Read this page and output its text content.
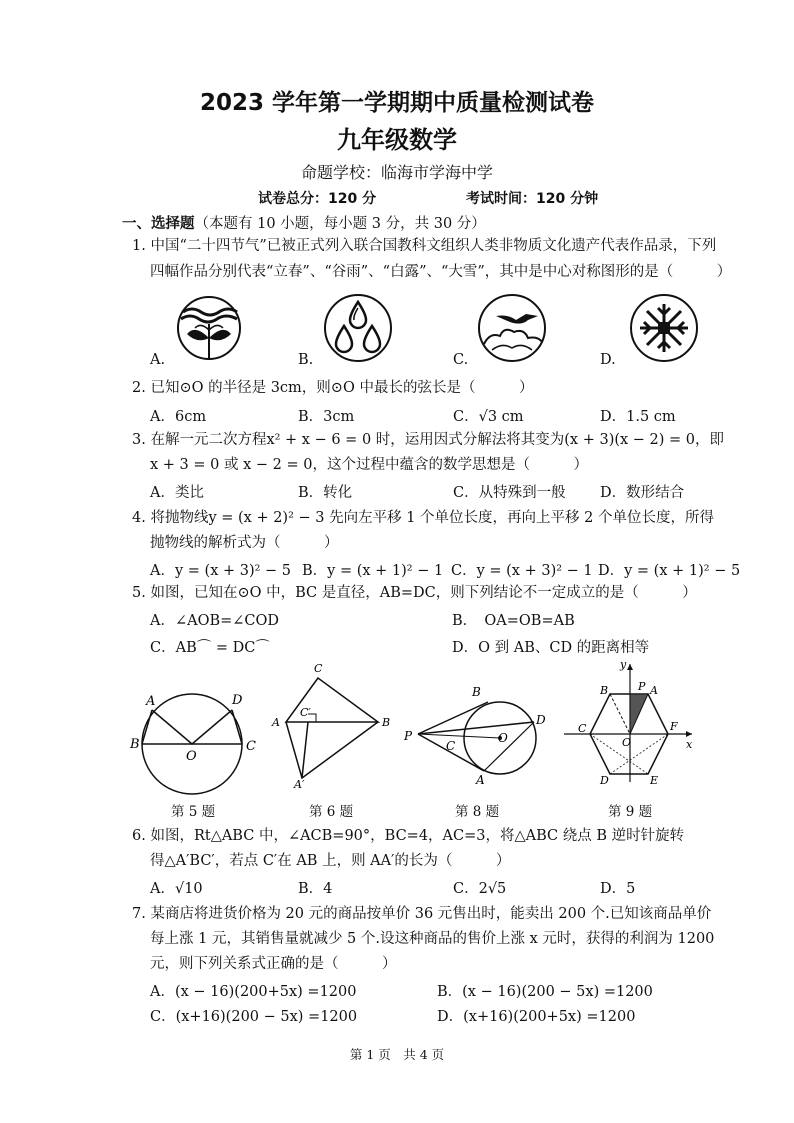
2023 学年第一学期期中质量检测试卷
九年级数学
命题学校：临海市学海中学
试卷总分：120 分	考试时间：120 分钟
一、选择题（本题有 10 小题，每小题 3 分，共 30 分）
1. 中国“二十四节气”已被正式列入联合国教科文组织人类非物质文化遗产代表作品录，下列
四幅作品分别代表“立春”、“谷雨”、“白露”、“大雪”，其中是中心对称图形的是（　　　）
A.	B.	C.	D.
2. 已知⊙O 的半径是 3cm，则⊙O 中最长的弦长是（　　　）
A．6cm	B．3cm	C．√3 cm	D．1.5 cm
3. 在解一元二次方程x² + x − 6 = 0 时，运用因式分解法将其变为(x + 3)(x − 2) = 0，即
x + 3 = 0 或 x − 2 = 0，这个过程中蕴含的数学思想是（　　　）
A．类比	B．转化	C．从特殊到一般 D．数形结合
4. 将抛物线y = (x + 2)² − 3 先向左平移 1 个单位长度，再向上平移 2 个单位长度，所得
抛物线的解析式为（　　　）
A．y = (x + 3)² − 5 B．y = (x + 1)² − 1 C．y = (x + 3)² − 1 D．y = (x + 1)² − 5
5. 如图，已知在⊙O 中，BC 是直径，AB=DC，则下列结论不一定成立的是（　　　）
A．∠AOB=∠COD	B．　OA=OB=AB
C．AB⌒ = DC⌒	D．O 到 AB、CD 的距离相等
A	D
B
O
C
C
A
C′
B
A′
B
D
P
C
O
A
y
B	P A
C	F
x
O
D	E
第 5 题	第 6 题	第 8 题	第 9 题
6. 如图，Rt△ABC 中，∠ACB=90°，BC=4，AC=3，将△ABC 绕点 B 逆时针旋转
得△A′BC′，若点 C′在 AB 上，则 AA′的长为（　　　）
A．√10	B．4	C．2√5	D．5
7. 某商店将进货价格为 20 元的商品按单价 36 元售出时，能卖出 200 个.已知该商品单价
每上涨 1 元，其销售量就减少 5 个.设这种商品的售价上涨 x 元时，获得的利润为 1200
元，则下列关系式正确的是（　　　）
A．(x − 16)(200+5x) =1200	B．(x − 16)(200 − 5x) =1200
C．(x+16)(200 − 5x) =1200	D．(x+16)(200+5x) =1200
第 1 页　共 4 页
